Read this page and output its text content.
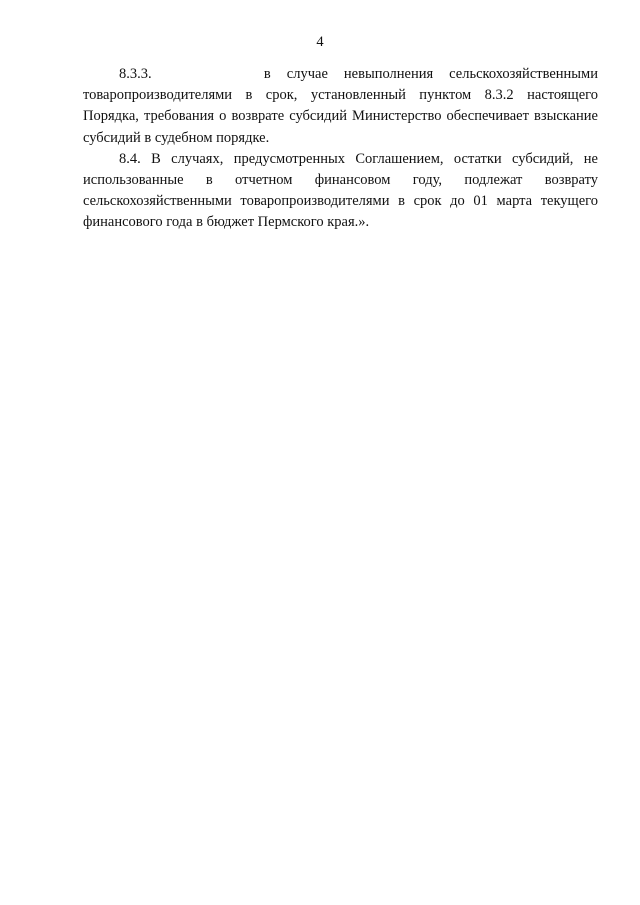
4

8.3.3.       в случае невыполнения сельскохозяйственными товаропроизводителями в срок, установленный пунктом 8.3.2 настоящего Порядка, требования о возврате субсидий Министерство обеспечивает взыскание субсидий в судебном порядке.

8.4. В случаях, предусмотренных Соглашением, остатки субсидий, не использованные в отчетном финансовом году, подлежат возврату сельскохозяйственными товаропроизводителями в срок до 01 марта текущего финансового года в бюджет Пермского края.».
